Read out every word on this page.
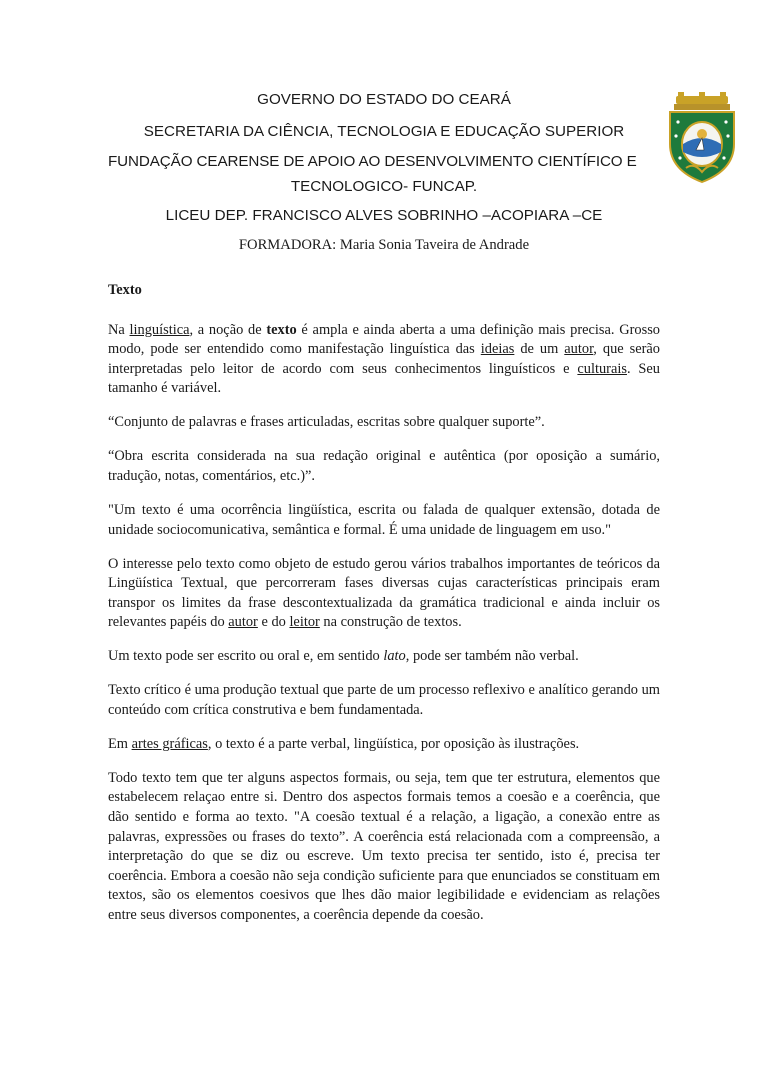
GOVERNO DO ESTADO DO CEARÁ
SECRETARIA DA CIÊNCIA, TECNOLOGIA E EDUCAÇÃO SUPERIOR
FUNDAÇÃO CEARENSE DE APOIO AO DESENVOLVIMENTO CIENTÍFICO E
TECNOLOGICO- FUNCAP.
LICEU DEP. FRANCISCO ALVES SOBRINHO –ACOPIARA –CE
FORMADORA: Maria Sonia Taveira de Andrade
Texto

Na linguística, a noção de texto é ampla e ainda aberta a uma definição mais precisa. Grosso modo, pode ser entendido como manifestação linguística das ideias de um autor, que serão interpretadas pelo leitor de acordo com seus conhecimentos linguísticos e culturais. Seu tamanho é variável.

“Conjunto de palavras e frases articuladas, escritas sobre qualquer suporte”.

“Obra escrita considerada na sua redação original e autêntica (por oposição a sumário, tradução, notas, comentários, etc.)”.

"Um texto é uma ocorrência lingüística, escrita ou falada de qualquer extensão, dotada de unidade sociocomunicativa, semântica e formal. É uma unidade de linguagem em uso."

O interesse pelo texto como objeto de estudo gerou vários trabalhos importantes de teóricos da Lingüística Textual, que percorreram fases diversas cujas características principais eram transpor os limites da frase descontextualizada da gramática tradicional e ainda incluir os relevantes papéis do autor e do leitor na construção de textos.

Um texto pode ser escrito ou oral e, em sentido lato, pode ser também não verbal.

Texto crítico é uma produção textual que parte de um processo reflexivo e analítico gerando um conteúdo com crítica construtiva e bem fundamentada.

Em artes gráficas, o texto é a parte verbal, lingüística, por oposição às ilustrações.

Todo texto tem que ter alguns aspectos formais, ou seja, tem que ter estrutura, elementos que estabelecem relaçao entre si. Dentro dos aspectos formais temos a coesão e a coerência, que dão sentido e forma ao texto. "A coesão textual é a relação, a ligação, a conexão entre as palavras, expressões ou frases do texto”. A coerência está relacionada com a compreensão, a interpretação do que se diz ou escreve. Um texto precisa ter sentido, isto é, precisa ter coerência. Embora a coesão não seja condição suficiente para que enunciados se constituam em textos, são os elementos coesivos que lhes dão maior legibilidade e evidenciam as relações entre seus diversos componentes, a coerência depende da coesão.
